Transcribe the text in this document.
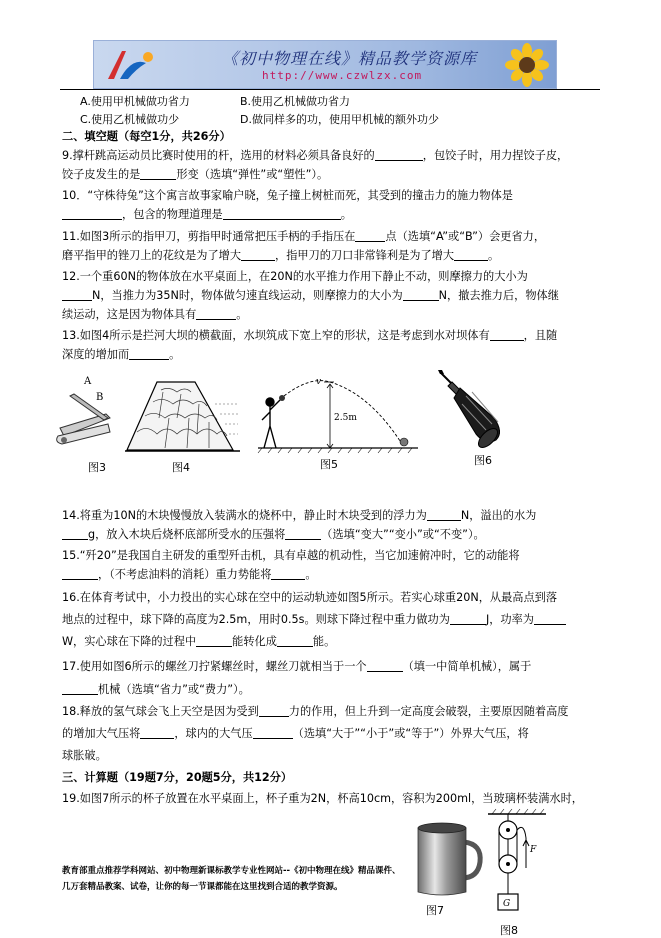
《初中物理在线》精品教学资源库
http://www.czwlzx.com
A.使用甲机械做功省力	B.使用乙机械做功省力
C.使用乙机械做功少	D.做同样多的功，使用甲机械的额外功少
二、填空题（每空1分，共26分）
9.撑杆跳高运动员比赛时使用的杆，选用的材料必须具备良好的	，包饺子时，用力捏饺子皮，
饺子皮发生的是	形变（选填“弹性”或“塑性”）。
10．“守株待兔”这个寓言故事家喻户晓，兔子撞上树桩而死，其受到的撞击力的施力物体是
，包含的物理道理是	。
11.如图3所示的指甲刀，剪指甲时通常把压手柄的手指压在	点（选填“A”或“B”）会更省力，
磨平指甲的锉刀上的花纹是为了增大	，指甲刀的刀口非常锋利是为了增大	。
12.一个重60N的物体放在水平桌面上，在20N的水平推力作用下静止不动，则摩擦力的大小为
N，当推力为35N时，物体做匀速直线运动，则摩擦力的大小为	N，撤去推力后，物体继
续运动，这是因为物体具有	。
13.如图4所示是拦河大坝的横截面，水坝筑成下宽上窄的形状，这是考虑到水对坝体有	，且随
深度的增加而	。
A
B
图3	图4
v
2.5m
图5	图6
14.将重为10N的木块慢慢放入装满水的烧杯中，静止时木块受到的浮力为	N，溢出的水为
g，放入木块后烧杯底部所受水的压强将	（选填“变大”“变小”或“不变”）。
15.“歼20”是我国自主研发的重型歼击机，具有卓越的机动性，当它加速俯冲时，它的动能将
，（不考虑油料的消耗）重力势能将	。
16.在体育考试中，小力投出的实心球在空中的运动轨迹如图5所示。若实心球重20N，从最高点到落
地点的过程中，球下降的高度为2.5m，用时0.5s。则球下降过程中重力做功为	J，功率为
W，实心球在下降的过程中	能转化成	能。
17.使用如图6所示的螺丝刀拧紧螺丝时，螺丝刀就相当于一个	（填一中简单机械），属于
机械（选填“省力”或“费力”）。
18.释放的氢气球会飞上天空是因为受到	力的作用，但上升到一定高度会破裂，主要原因随着高度
的增加大气压将	，球内的大气压	（选填“大于”“小于”或“等于”）外界大气压，将
球胀破。
三、计算题（19题7分，20题5分，共12分）
19.如图7所示的杯子放置在水平桌面上，杯子重为2N，杯高10cm，容积为200ml，当玻璃杯装满水时，
图7
F
G
图8
教育部重点推荐学科网站、初中物理新课标教学专业性网站--《初中物理在线》精品课件、
几万套精品教案、试卷，让你的每一节课都能在这里找到合适的教学资源。
